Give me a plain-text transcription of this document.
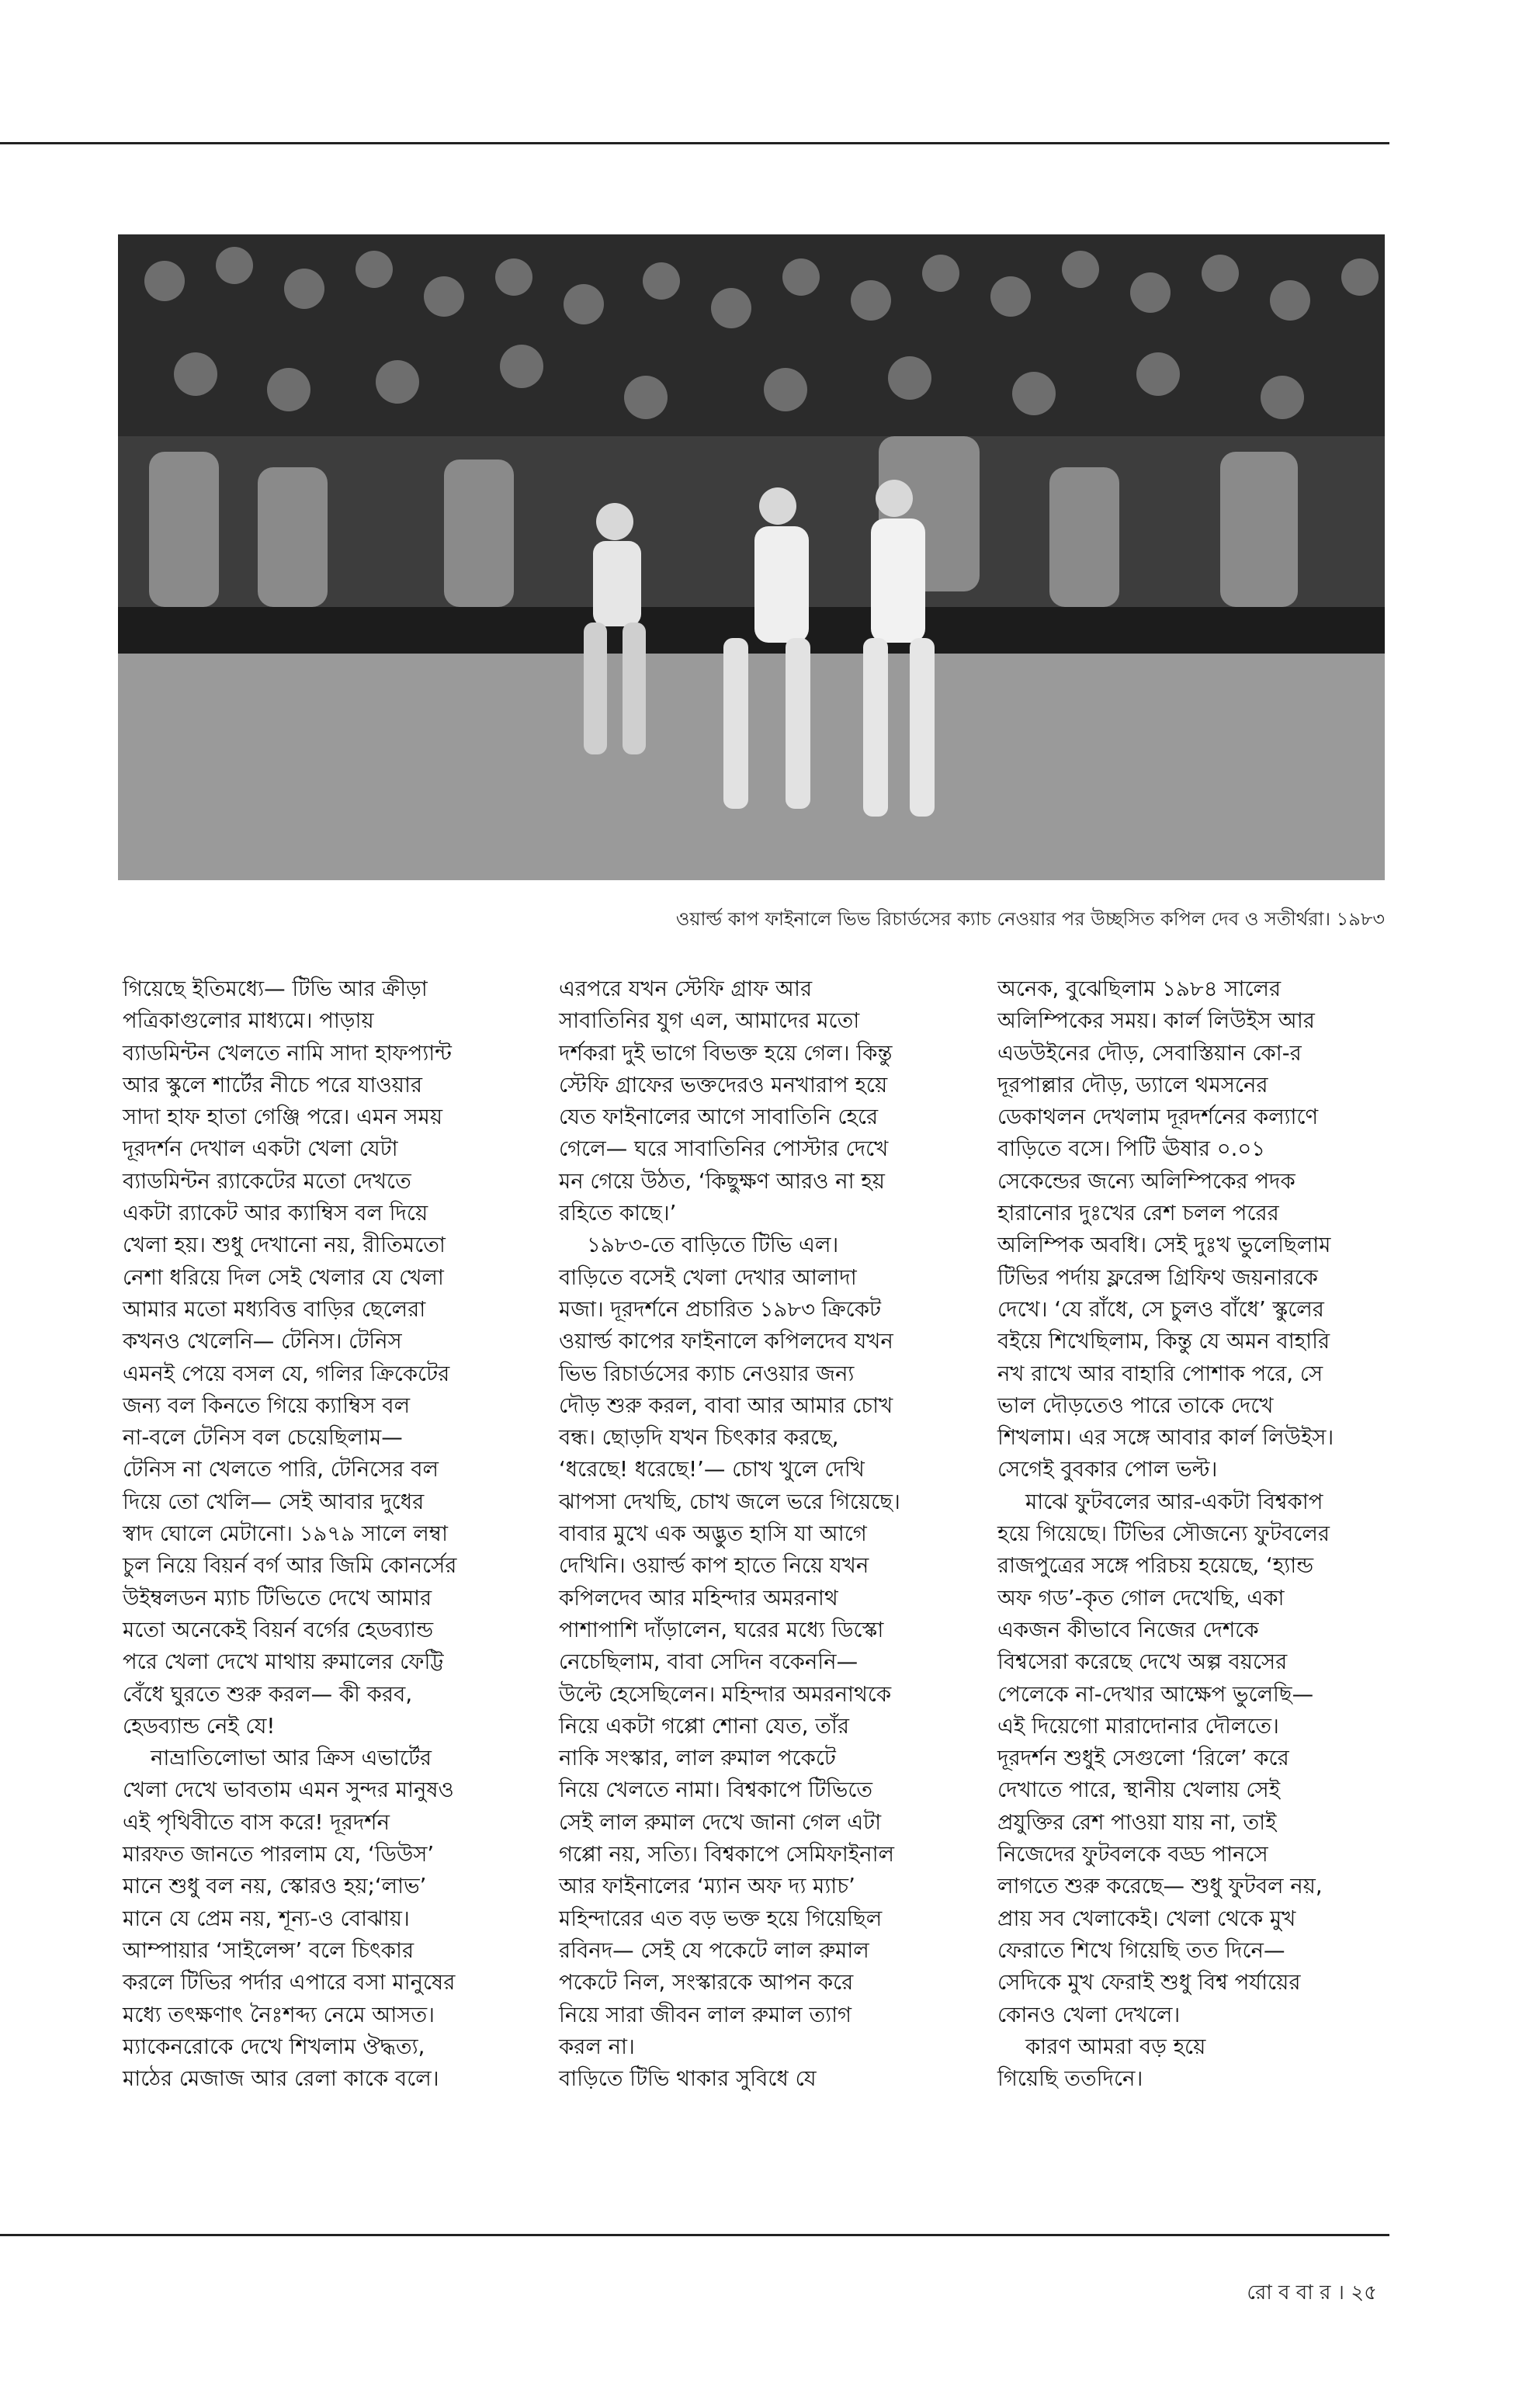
ওয়ার্ল্ড কাপ ফাইনালে ভিভ রিচার্ডসের ক্যাচ নেওয়ার পর উচ্ছসিত কপিল দেব ও সতীর্থরা। ১৯৮৩
গিয়েছে ইতিমধ্যে— টিভি আর ক্রীড়া
পত্রিকাগুলোর মাধ্যমে। পাড়ায়
ব্যাডমিন্টন খেলতে নামি সাদা হাফপ্যান্ট
আর স্কুলে শার্টের নীচে পরে যাওয়ার
সাদা হাফ হাতা গেঞ্জি পরে। এমন সময়
দূরদর্শন দেখাল একটা খেলা যেটা
ব্যাডমিন্টন র‍্যাকেটের মতো দেখতে
একটা র‍্যাকেট আর ক্যাম্বিস বল দিয়ে
খেলা হয়। শুধু দেখানো নয়, রীতিমতো
নেশা ধরিয়ে দিল সেই খেলার যে খেলা
আমার মতো মধ্যবিত্ত বাড়ির ছেলেরা
কখনও খেলেনি— টেনিস। টেনিস
এমনই পেয়ে বসল যে, গলির ক্রিকেটের
জন্য বল কিনতে গিয়ে ক্যাম্বিস বল
না-বলে টেনিস বল চেয়েছিলাম—
টেনিস না খেলতে পারি, টেনিসের বল
দিয়ে তো খেলি— সেই আবার দুধের
স্বাদ ঘোলে মেটানো। ১৯৭৯ সালে লম্বা
চুল নিয়ে বিয়র্ন বর্গ আর জিমি কোনর্সের
উইম্বলডন ম্যাচ টিভিতে দেখে আমার
মতো অনেকেই বিয়র্ন বর্গের হেডব্যান্ড
পরে খেলা দেখে মাথায় রুমালের ফেট্টি
বেঁধে ঘুরতে শুরু করল— কী করব,
হেডব্যান্ড নেই যে!
নাভ্রাতিলোভা আর ক্রিস এভার্টের
খেলা দেখে ভাবতাম এমন সুন্দর মানুষও
এই পৃথিবীতে বাস করে! দূরদর্শন
মারফত জানতে পারলাম যে, ‘ডিউস’
মানে শুধু বল নয়, স্কোরও হয়;‘লাভ’
মানে যে প্রেম নয়, শূন্য-ও বোঝায়।
আম্পায়ার ‘সাইলেন্স’ বলে চিৎকার
করলে টিভির পর্দার এপারে বসা মানুষের
মধ্যে তৎক্ষণাৎ নৈঃশব্দ্য নেমে আসত।
ম্যাকেনরোকে দেখে শিখলাম ঔদ্ধত্য,
মাঠের মেজাজ আর রেলা কাকে বলে।
এরপরে যখন স্টেফি গ্রাফ আর
সাবাতিনির যুগ এল, আমাদের মতো
দর্শকরা দুই ভাগে বিভক্ত হয়ে গেল। কিন্তু
স্টেফি গ্রাফের ভক্তদেরও মনখারাপ হয়ে
যেত ফাইনালের আগে সাবাতিনি হেরে
গেলে— ঘরে সাবাতিনির পোস্টার দেখে
মন গেয়ে উঠত, ‘কিছুক্ষণ আরও না হয়
রহিতে কাছে।’
১৯৮৩-তে বাড়িতে টিভি এল।
বাড়িতে বসেই খেলা দেখার আলাদা
মজা। দূরদর্শনে প্রচারিত ১৯৮৩ ক্রিকেট
ওয়ার্ল্ড কাপের ফাইনালে কপিলদেব যখন
ভিভ রিচার্ডসের ক্যাচ নেওয়ার জন্য
দৌড় শুরু করল, বাবা আর আমার চোখ
বন্ধ। ছোড়দি যখন চিৎকার করছে,
‘ধরেছে! ধরেছে!’— চোখ খুলে দেখি
ঝাপসা দেখছি, চোখ জলে ভরে গিয়েছে।
বাবার মুখে এক অদ্ভুত হাসি যা আগে
দেখিনি। ওয়ার্ল্ড কাপ হাতে নিয়ে যখন
কপিলদেব আর মহিন্দার অমরনাথ
পাশাপাশি দাঁড়ালেন, ঘরের মধ্যে ডিস্কো
নেচেছিলাম, বাবা সেদিন বকেননি—
উল্টে হেসেছিলেন। মহিন্দার অমরনাথকে
নিয়ে একটা গপ্পো শোনা যেত, তাঁর
নাকি সংস্কার, লাল রুমাল পকেটে
নিয়ে খেলতে নামা। বিশ্বকাপে টিভিতে
সেই লাল রুমাল দেখে জানা গেল এটা
গপ্পো নয়, সত্যি। বিশ্বকাপে সেমিফাইনাল
আর ফাইনালের ‘ম্যান অফ দ্য ম্যাচ’
মহিন্দারের এত বড় ভক্ত হয়ে গিয়েছিল
রবিনদ— সেই যে পকেটে লাল রুমাল
পকেটে নিল, সংস্কারকে আপন করে
নিয়ে সারা জীবন লাল রুমাল ত্যাগ
করল না।
বাড়িতে টিভি থাকার সুবিধে যে
অনেক, বুঝেছিলাম ১৯৮৪ সালের
অলিম্পিকের সময়। কার্ল লিউইস আর
এডউইনের দৌড়, সেবাস্তিয়ান কো-র
দূরপাল্লার দৌড়, ড্যালে থমসনের
ডেকাথলন দেখলাম দূরদর্শনের কল্যাণে
বাড়িতে বসে। পিটি ঊষার ০.০১
সেকেন্ডের জন্যে অলিম্পিকের পদক
হারানোর দুঃখের রেশ চলল পরের
অলিম্পিক অবধি। সেই দুঃখ ভুলেছিলাম
টিভির পর্দায় ফ্লরেন্স গ্রিফিথ জয়নারকে
দেখে। ‘যে রাঁধে, সে চুলও বাঁধে’ স্কুলের
বইয়ে শিখেছিলাম, কিন্তু যে অমন বাহারি
নখ রাখে আর বাহারি পোশাক পরে, সে
ভাল দৌড়তেও পারে তাকে দেখে
শিখলাম। এর সঙ্গে আবার কার্ল লিউইস।
সেগেই বুবকার পোল ভল্ট।
মাঝে ফুটবলের আর-একটা বিশ্বকাপ
হয়ে গিয়েছে। টিভির সৌজন্যে ফুটবলের
রাজপুত্রের সঙ্গে পরিচয় হয়েছে, ‘হ্যান্ড
অফ গড’-কৃত গোল দেখেছি, একা
একজন কীভাবে নিজের দেশকে
বিশ্বসেরা করেছে দেখে অল্প বয়সের
পেলেকে না-দেখার আক্ষেপ ভুলেছি—
এই দিয়েগো মারাদোনার দৌলতে।
দূরদর্শন শুধুই সেগুলো ‘রিলে’ করে
দেখাতে পারে, স্থানীয় খেলায় সেই
প্রযুক্তির রেশ পাওয়া যায় না, তাই
নিজেদের ফুটবলকে বড্ড পানসে
লাগতে শুরু করেছে— শুধু ফুটবল নয়,
প্রায় সব খেলাকেই। খেলা থেকে মুখ
ফেরাতে শিখে গিয়েছি তত দিনে—
সেদিকে মুখ ফেরাই শুধু বিশ্ব পর্যায়ের
কোনও খেলা দেখলে।
কারণ আমরা বড় হয়ে
গিয়েছি ততদিনে।
রো ব বা র । ২৫
